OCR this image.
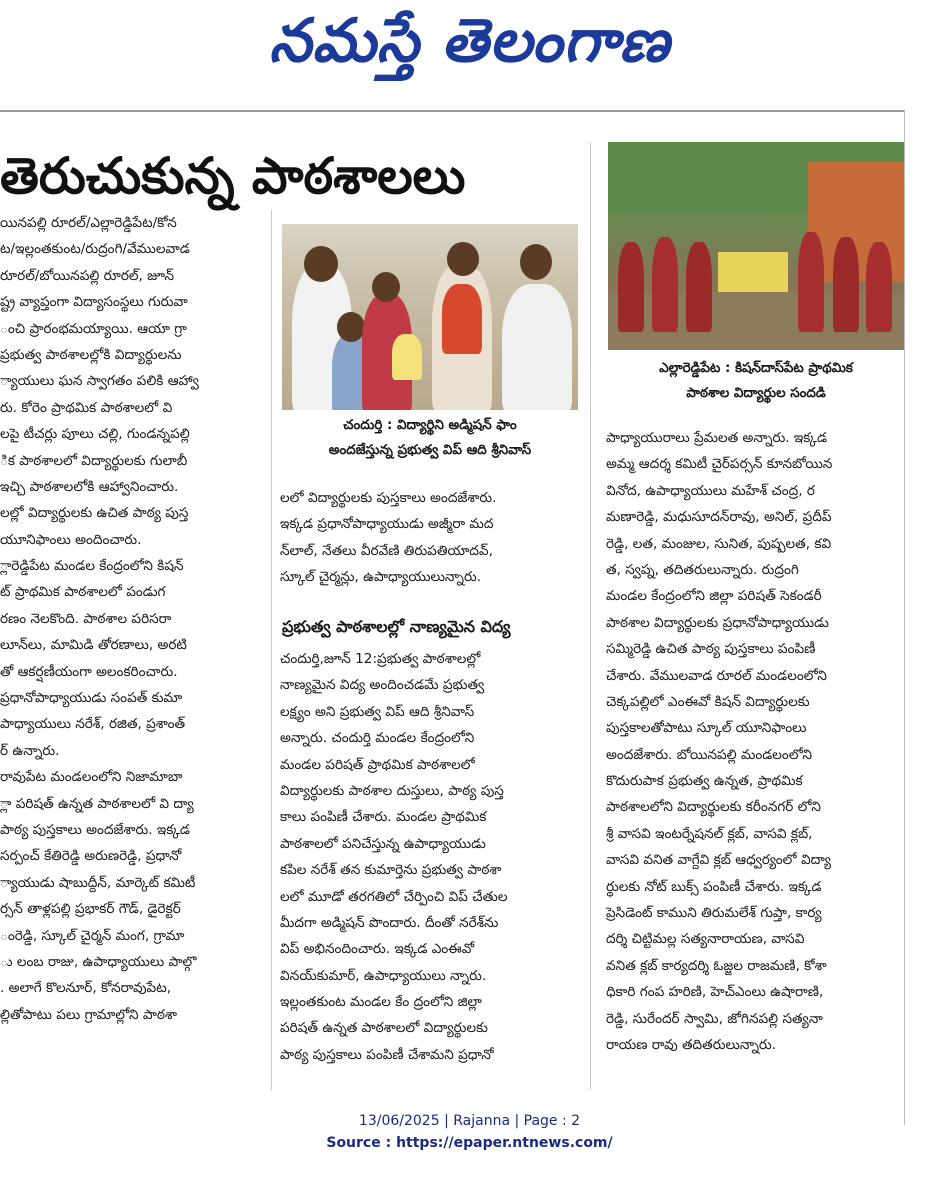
నమస్తే తెలంగాణ
తెరుచుకున్న పాఠశాలలు
యినపల్లి రూరల్/ఎల్లారెడ్డిపేట/కోన
ట/ఇల్లంతకుంట/రుద్రంగి/వేములవాడ
రూరల్/బోయినపల్లి రూరల్, జూన్
ష్ట్ర వ్యాప్తంగా విద్యాసంస్థలు గురువా
ంచి ప్రారంభమయ్యాయి. ఆయా గ్రా
ప్రభుత్వ పాఠశాలల్లోకి విద్యార్థులను
్యాయులు ఘన స్వాగతం పలికి ఆహ్వా
రు. కోరెం ప్రాథమిక పాఠశాలలో వి
లపై టీచర్లు పూలు చల్లి, గుండన్నపల్లి
ిక పాఠశాలలో విద్యార్థులకు గులాబీ
ఇచ్చి పాఠశాలలోకి ఆహ్వానించారు.
లల్లో విద్యార్థులకు ఉచిత పాఠ్య పుస్త
యూనిఫాంలు అందించారు.
్లారెడ్డిపేట మండల కేంద్రంలోని కిషన్
ట్ ప్రాథమిక పాఠశాలలో పండుగ
రణం నెలకొంది. పాఠశాల పరిసరా
లూన్‌లు, మామిడి తోరణాలు, అరటి
తో ఆకర్షణీయంగా అలంకరించారు.
ప్రధానోపాధ్యాయుడు సంపత్ కుమా
పాధ్యాయులు నరేశ్, రజిత, ప్రశాంత్
ర్ ఉన్నారు.
రావుపేట మండలంలోని నిజామాబా
్లా పరిషత్ ఉన్నత పాఠశాలలో వి ద్యా
పాఠ్య పుస్తకాలు అందజేశారు. ఇక్కడ
సర్పంచ్ కేతిరెడ్డి అరుణరెడ్డి, ప్రధానో
్యాయుడు షాబుద్దీన్, మార్కెట్ కమిటీ
ర్సన్ తాళ్లపల్లి ప్రభాకర్ గౌడ్, డైరెక్టర్
ంరెడ్డి, స్కూల్ చైర్మన్ మంగ, గ్రామా
ు లంబ రాజు, ఉపాధ్యాయులు పాల్గొ
. అలాగే కొలనూర్, కోనరావుపేట,
ల్లితోపాటు పలు గ్రామాల్లోని పాఠశా
చందుర్తి : విద్యార్థిని అడ్మిషన్ ఫాం
అందజేస్తున్న ప్రభుత్వ విప్ ఆది శ్రీనివాస్
లలో విద్యార్థులకు పుస్తకాలు అందజేశారు.
ఇక్కడ ప్రధానోపాధ్యాయుడు అజ్మీరా మద
న్‌లాల్, నేతలు వీరవేణి తిరుపతియాదవ్,
స్కూల్ చైర్మన్లు, ఉపాధ్యాయులున్నారు.
ప్రభుత్వ పాఠశాలల్లో నాణ్యమైన విద్య
చందుర్తి,జూన్ 12:ప్రభుత్వ పాఠశాలల్లో
నాణ్యమైన విద్య అందించడమే ప్రభుత్వ
లక్ష్యం అని ప్రభుత్వ విప్ ఆది శ్రీనివాస్
అన్నారు. చందుర్తి మండల కేంద్రంలోని
మండల పరిషత్ ప్రాథమిక పాఠశాలలో
విద్యార్థులకు పాఠశాల దుస్తులు, పాఠ్య పుస్త
కాలు పంపిణీ చేశారు. మండల ప్రాథమిక
పాఠశాలలో పనిచేస్తున్న ఉపాధ్యాయుడు
కపిల నరేశ్ తన కుమార్తెను ప్రభుత్వ పాఠశా
లలో మూడో తరగతిలో చేర్పించి విప్ చేతుల
మీదగా అడ్మిషన్ పొందారు. దీంతో నరేశ్‌ను
విప్ అభినందించారు. ఇక్కడ ఎంఈవో
వినయ్‌కుమార్, ఉపాధ్యాయులు న్నారు.
ఇల్లంతకుంట మండల కేం ద్రంలోని జిల్లా
పరిషత్ ఉన్నత పాఠశాలలో విద్యార్థులకు
పాఠ్య పుస్తకాలు పంపిణీ చేశామని ప్రధానో
ఎల్లారెడ్డిపేట : కిషన్‌దాస్‌పేట ప్రాథమిక
పాఠశాల విద్యార్థుల సందడి
పాధ్యాయురాలు ప్రేమలత అన్నారు. ఇక్కడ
అమ్మ ఆదర్శ కమిటీ చైర్‌పర్సన్ కూనబోయిన
వినోద, ఉపాధ్యాయులు మహేశ్ చంద్ర, ర
మణారెడ్డి, మధుసూదన్‌రావు, అనిల్, ప్రదీప్
రెడ్డి, లత, మంజుల, సునిత, పుష్పలత, కవి
త, స్వప్న, తదితరులున్నారు. రుద్రంగి
మండల కేంద్రంలోని జిల్లా పరిషత్ సెకండరీ
పాఠశాల విద్యార్థులకు ప్రధానోపాధ్యాయుడు
సమ్మిరెడ్డి ఉచిత పాఠ్య పుస్తకాలు పంపిణీ
చేశారు. వేములవాడ రూరల్ మండలంలోని
చెక్కపల్లిలో ఎంఈవో కిషన్ విద్యార్థులకు
పుస్తకాలతోపాటు స్కూల్ యూనిఫాంలు
అందజేశారు. బోయినపల్లి మండలంలోని
కొదురుపాక ప్రభుత్వ ఉన్నత, ప్రాథమిక
పాఠశాలలోని విద్యార్థులకు కరీంనగర్ లోని
శ్రీ వాసవి ఇంటర్నేషనల్ క్లబ్, వాసవి క్లబ్,
వాసవి వనిత వాగ్దేవి క్లబ్ ఆధ్వర్యంలో విద్యా
ర్థులకు నోట్ బుక్స్ పంపిణీ చేశారు. ఇక్కడ
ప్రెసిడెంట్ కాముని తిరుమలేశ్ గుప్తా, కార్య
దర్శి చిట్టిమల్ల సత్యనారాయణ, వాసవి
వనిత క్లబ్ కార్యదర్శి ఓజ్జల రాజమణి, కోశా
ధికారి గంప హరిణి, హెచ్ఎంలు ఉషారాణి,
రెడ్డి, సురేందర్ స్వామి, జోగినపల్లి సత్యనా
రాయణ రావు తదితరులున్నారు.
13/06/2025 | Rajanna | Page : 2
Source : https://epaper.ntnews.com/
